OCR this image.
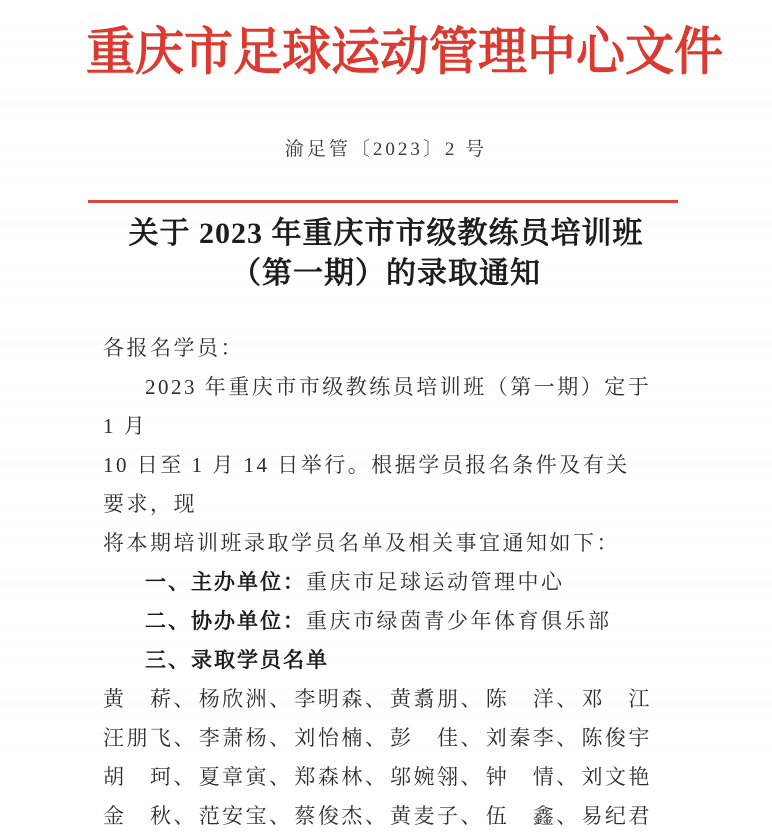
重庆市足球运动管理中心文件
渝足管〔2023〕2 号
关于 2023 年重庆市市级教练员培训班
（第一期）的录取通知
各报名学员：
2023 年重庆市市级教练员培训班（第一期）定于 1 月
10 日至 1 月 14 日举行。根据学员报名条件及有关要求，现
将本期培训班录取学员名单及相关事宜通知如下：
一、主办单位：重庆市足球运动管理中心
二、协办单位：重庆市绿茵青少年体育俱乐部
三、录取学员名单
黄　菥、 杨欣洲、 李明森、 黄翥朋、 陈　洋、 邓　江
汪朋飞、 李萧杨、 刘怡楠、 彭　佳、 刘秦李、 陈俊宇
胡　珂、 夏章寅、 郑森林、 邬婉翎、 钟　情、 刘文艳
金　秋、 范安宝、 蔡俊杰、 黄麦子、 伍　鑫、 易纪君
